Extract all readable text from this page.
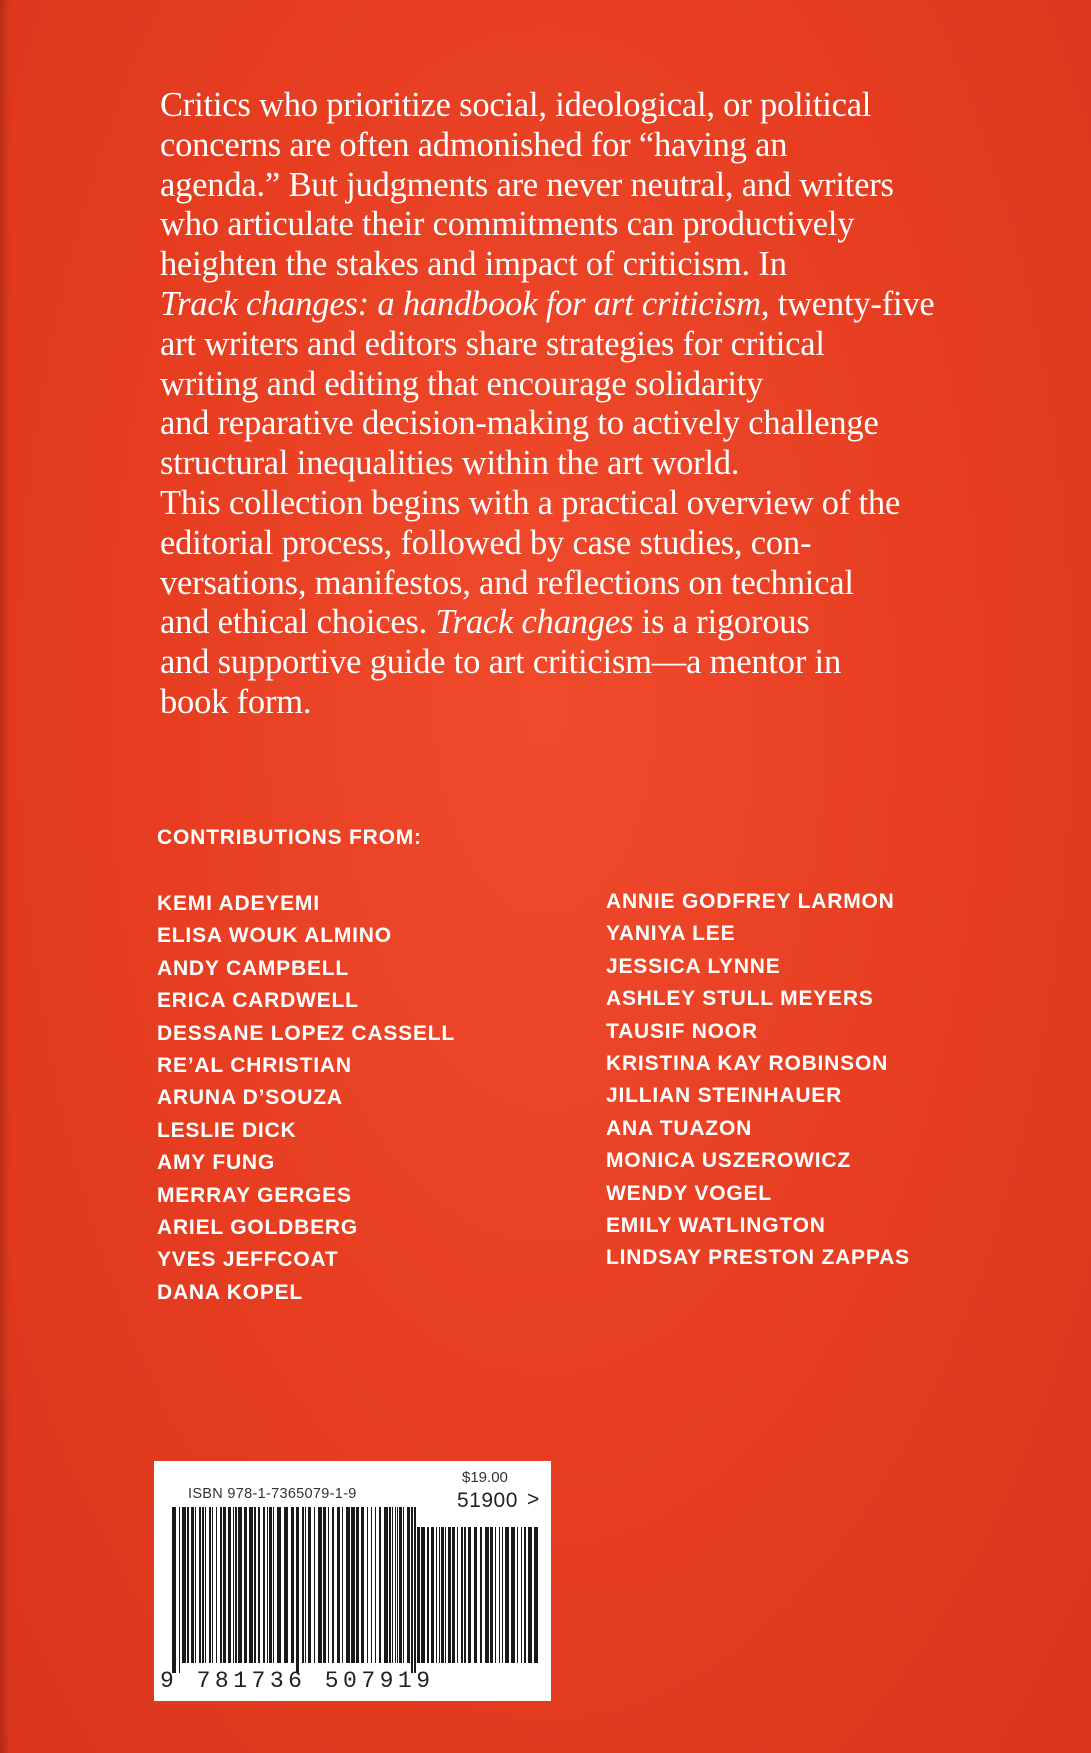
Critics who prioritize social, ideological, or political
concerns are often admonished for “having an
agenda.” But judgments are never neutral, and writers
who articulate their commitments can productively
heighten the stakes and impact of criticism. In
Track changes: a handbook for art criticism, twenty-five
art writers and editors share strategies for critical
writing and editing that encourage solidarity
and reparative decision-making to actively challenge
structural inequalities within the art world.
This collection begins with a practical overview of the
editorial process, followed by case studies, con-
versations, manifestos, and reflections on technical
and ethical choices. Track changes is a rigorous
and supportive guide to art criticism—a mentor in
book form.
CONTRIBUTIONS FROM:
KEMI ADEYEMI
ELISA WOUK ALMINO
ANDY CAMPBELL
ERICA CARDWELL
DESSANE LOPEZ CASSELL
RE’AL CHRISTIAN
ARUNA D’SOUZA
LESLIE DICK
AMY FUNG
MERRAY GERGES
ARIEL GOLDBERG
YVES JEFFCOAT
DANA KOPEL
ANNIE GODFREY LARMON
YANIYA LEE
JESSICA LYNNE
ASHLEY STULL MEYERS
TAUSIF NOOR
KRISTINA KAY ROBINSON
JILLIAN STEINHAUER
ANA TUAZON
MONICA USZEROWICZ
WENDY VOGEL
EMILY WATLINGTON
LINDSAY PRESTON ZAPPAS
ISBN 978-1-7365079-1-9
$19.00
51900 >
9 781736 507919
